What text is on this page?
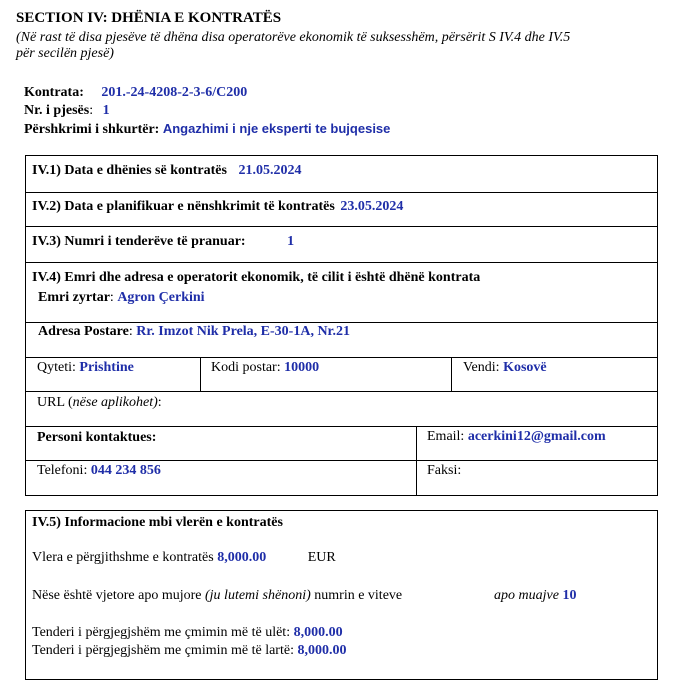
SECTION IV: DHËNIA E KONTRATËS
(Në rast të disa pjesëve të dhëna disa operatorëve ekonomik të suksesshëm, përsërit S IV.4 dhe IV.5
për secilën pjesë)
Kontrata: 201.-24-4208-2-3-6/C200
Nr. i pjesës: 1
Përshkrimi i shkurtër: Angazhimi i nje eksperti te bujqesise
IV.1) Data e dhënies së kontratës 21.05.2024
IV.2) Data e planifikuar e nënshkrimit të kontratës 23.05.2024
IV.3) Numri i tenderëve të pranuar:	1
IV.4) Emri dhe adresa e operatorit ekonomik, të cilit i është dhënë kontrata
Emri zyrtar: Agron Çerkini
Adresa Postare: Rr. Imzot Nik Prela, E-30-1A, Nr.21
Qyteti: Prishtine	Kodi postar: 10000	Vendi: Kosovë
URL (nëse aplikohet):
Personi kontaktues:	Email: acerkini12@gmail.com
Telefoni: 044 234 856	Faksi:
IV.5) Informacione mbi vlerën e kontratës
Vlera e përgjithshme e kontratës 8,000.00	EUR
Nëse është vjetore apo mujore (ju lutemi shënoni) numrin e viteve	apo muajve 10
Tenderi i përgjegjshëm me çmimin më të ulët: 8,000.00
Tenderi i përgjegjshëm me çmimin më të lartë: 8,000.00
